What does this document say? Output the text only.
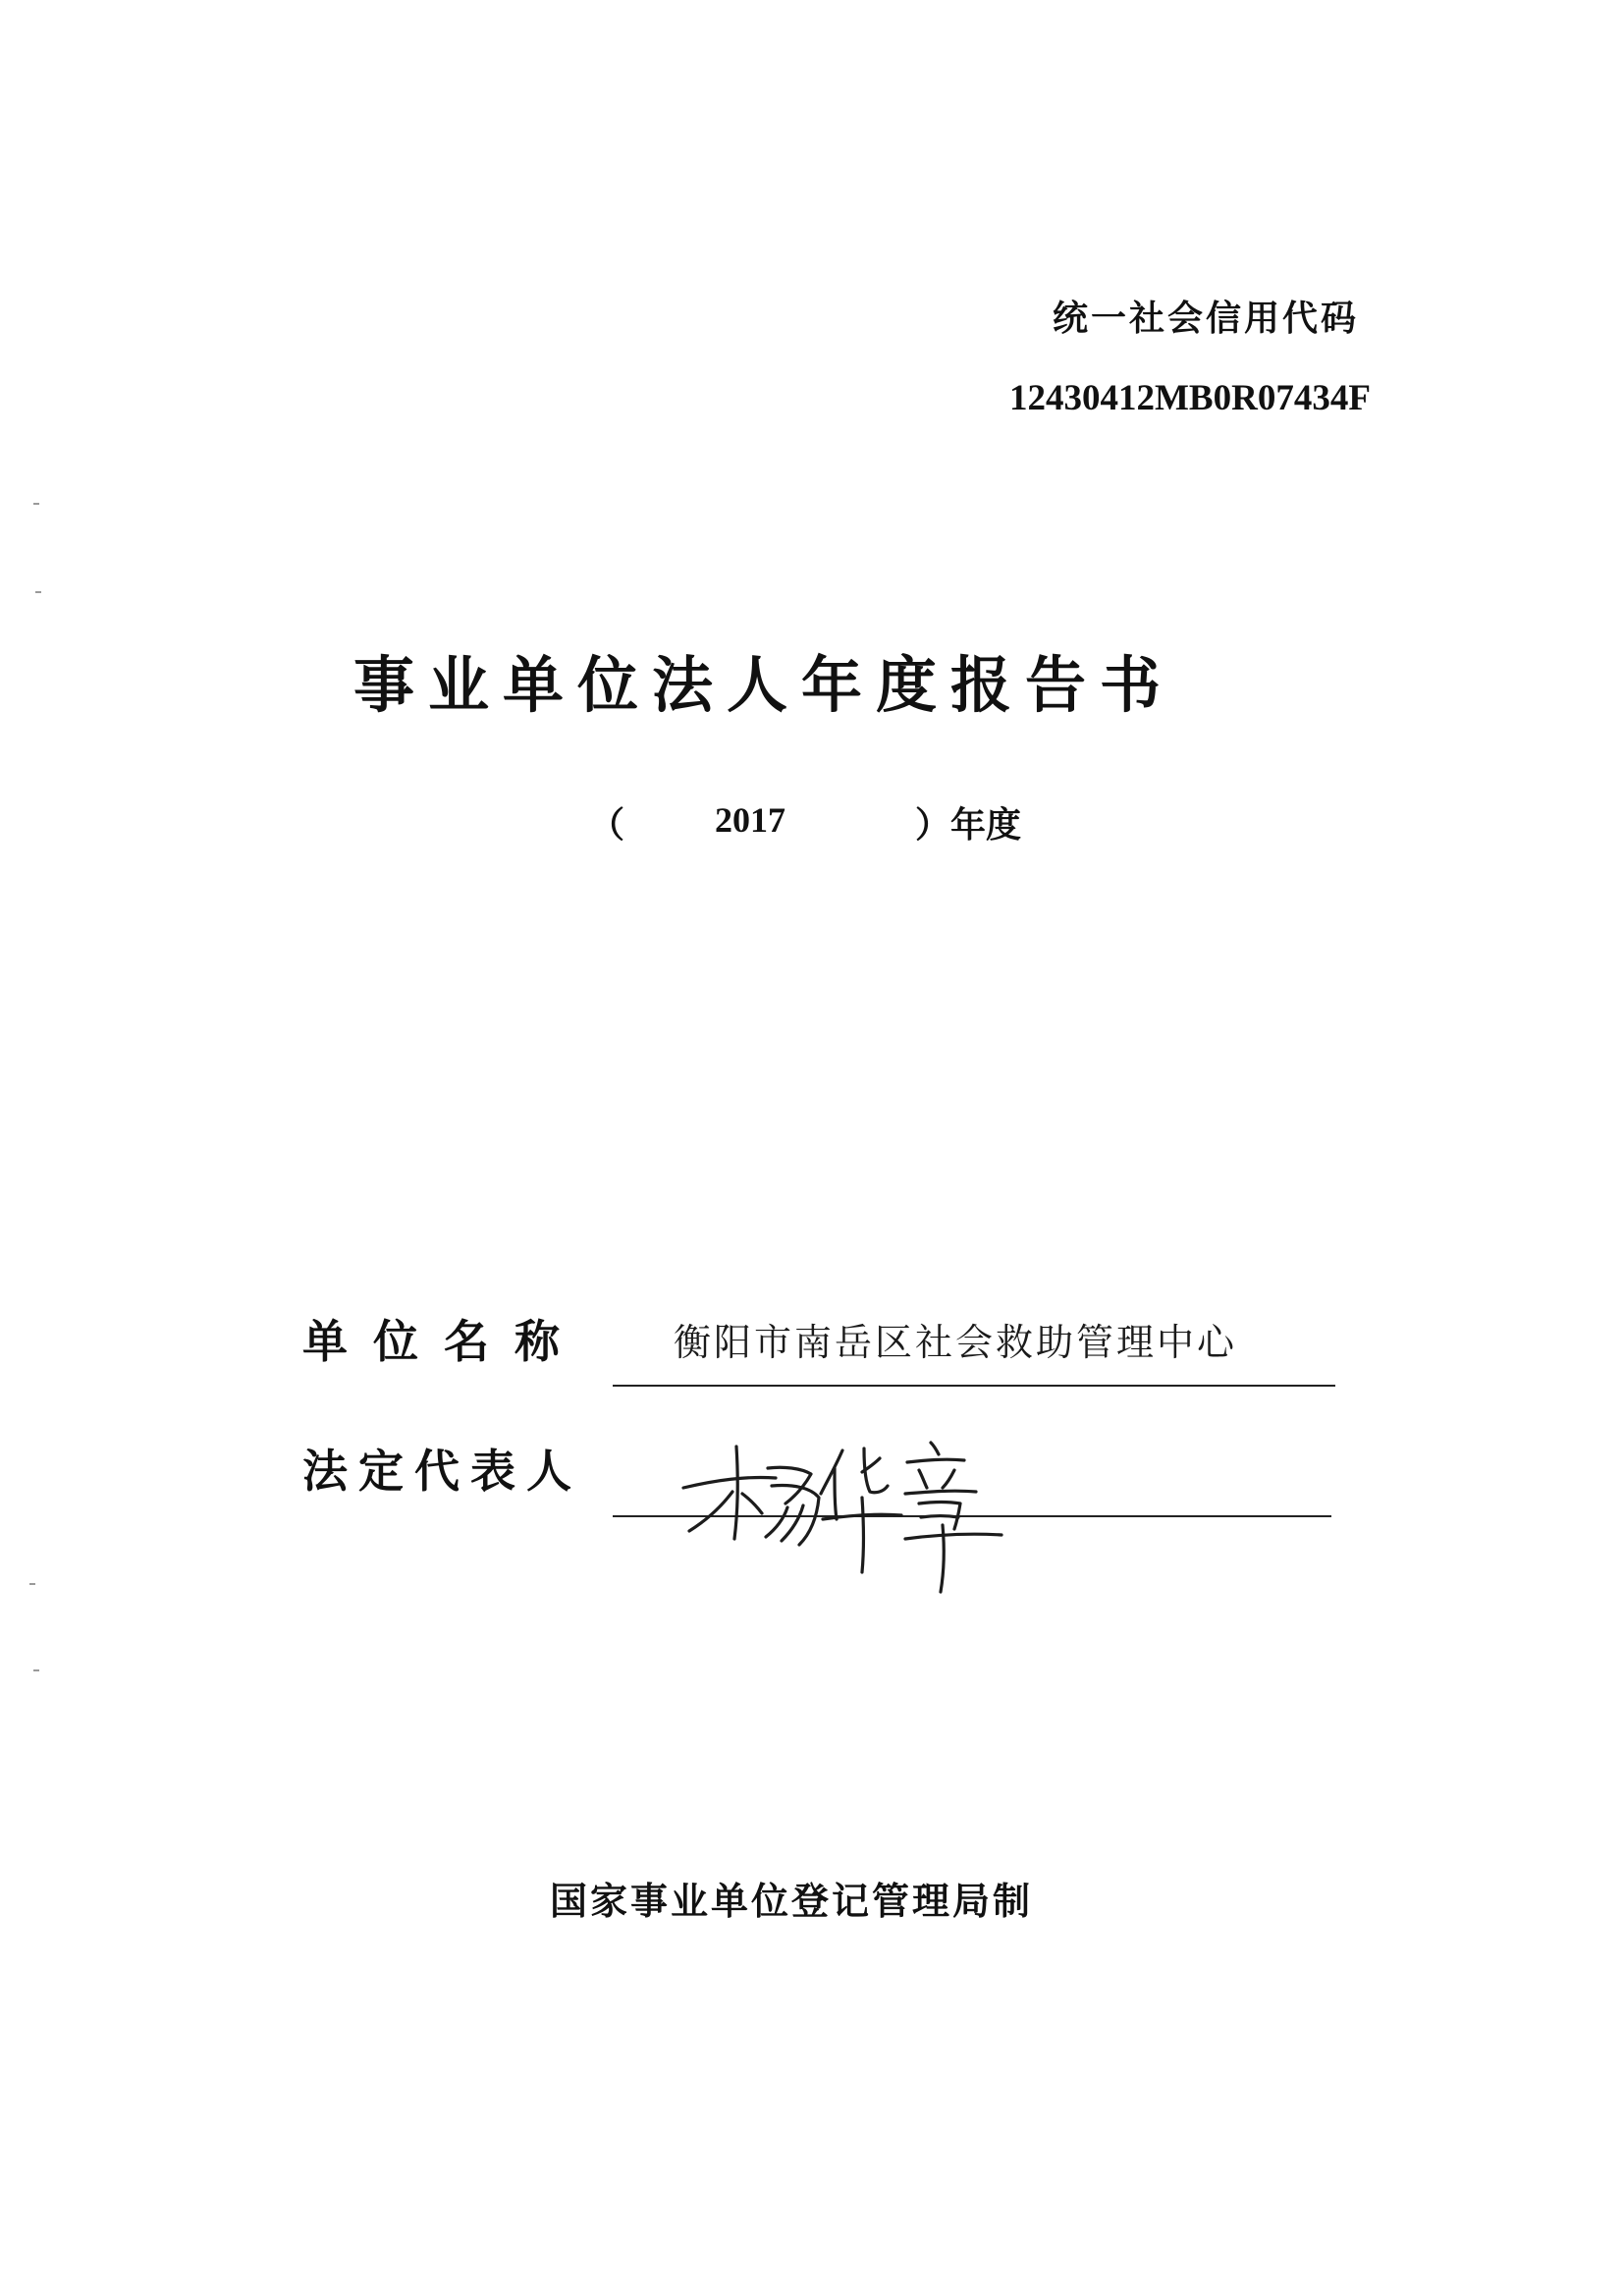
统一社会信用代码
12430412MB0R07434F
事业单位法人年度报告书
（	2017	）年度
单位名称 衡阳市南岳区社会救助管理中心
法定代表人
国家事业单位登记管理局制
